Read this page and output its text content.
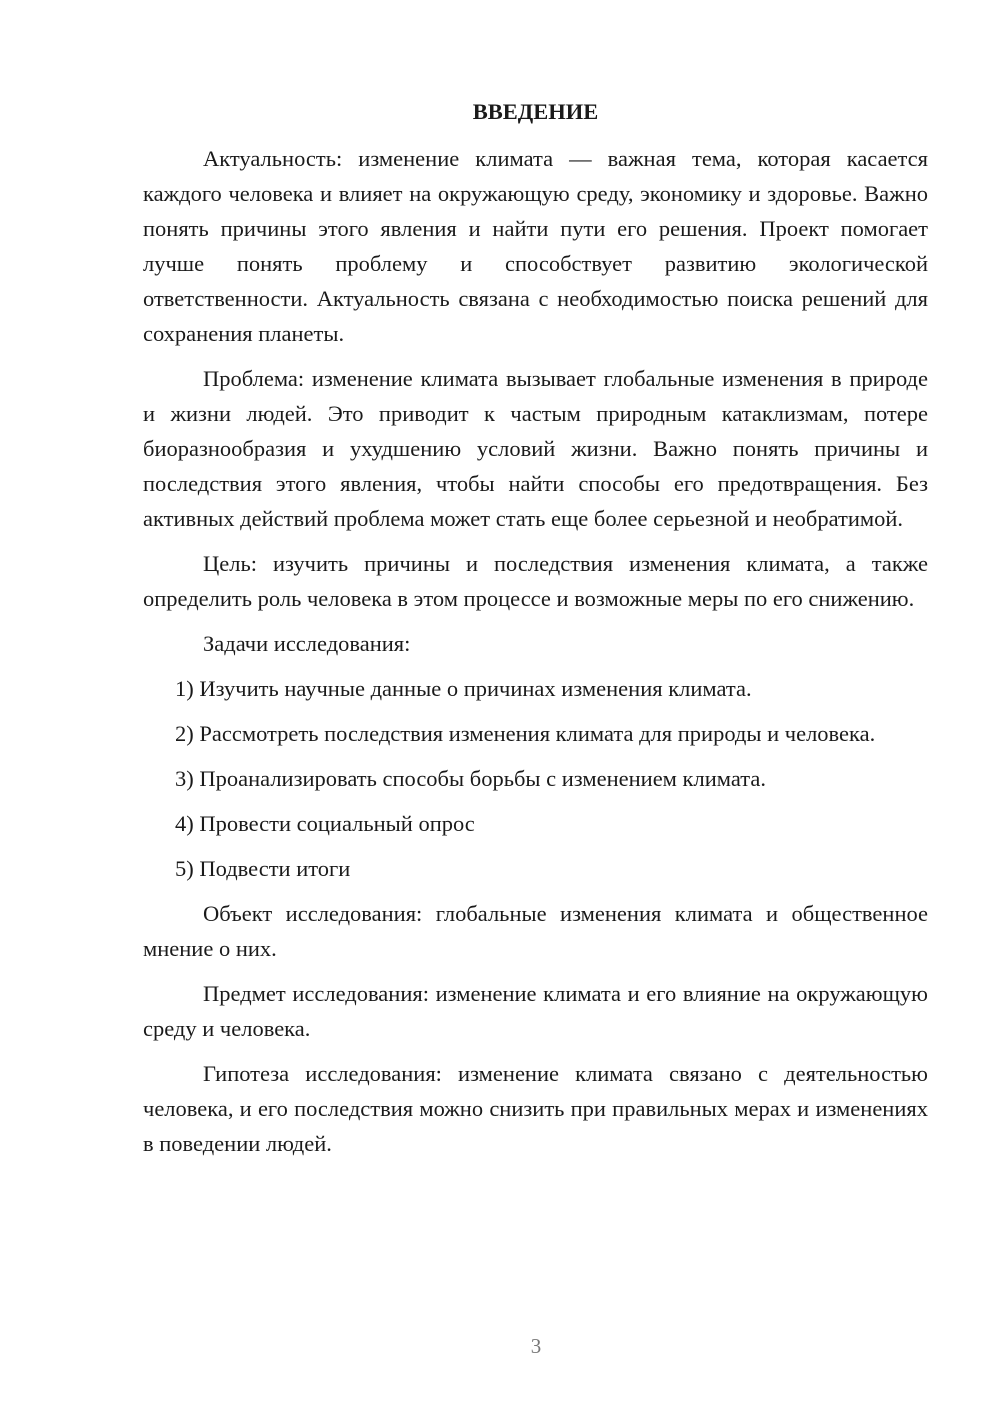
ВВЕДЕНИЕ

Актуальность: изменение климата — важная тема, которая касается каждого человека и влияет на окружающую среду, экономику и здоровье. Важно понять причины этого явления и найти пути его решения. Проект помогает лучше понять проблему и способствует развитию экологической ответственности. Актуальность связана с необходимостью поиска решений для сохранения планеты.

Проблема: изменение климата вызывает глобальные изменения в природе и жизни людей. Это приводит к частым природным катаклизмам, потере биоразнообразия и ухудшению условий жизни. Важно понять причины и последствия этого явления, чтобы найти способы его предотвращения. Без активных действий проблема может стать еще более серьезной и необратимой.

Цель: изучить причины и последствия изменения климата, а также определить роль человека в этом процессе и возможные меры по его снижению.

Задачи исследования:

1) Изучить научные данные о причинах изменения климата.

2) Рассмотреть последствия изменения климата для природы и человека.

3) Проанализировать способы борьбы с изменением климата.

4) Провести социальный опрос

5) Подвести итоги

Объект исследования: глобальные изменения климата и общественное мнение о них.

Предмет исследования: изменение климата и его влияние на окружающую среду и человека.

Гипотеза исследования: изменение климата связано с деятельностью человека, и его последствия можно снизить при правильных мерах и изменениях в поведении людей.

3
